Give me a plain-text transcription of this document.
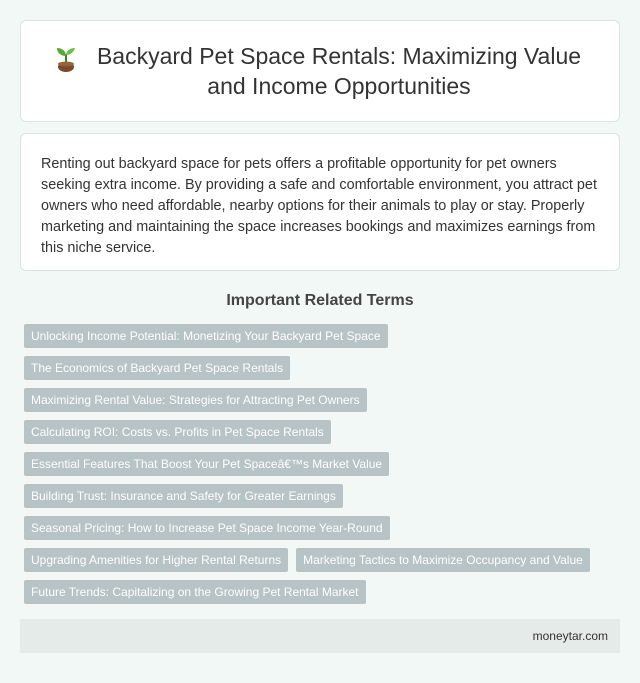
Backyard Pet Space Rentals: Maximizing Value and Income Opportunities

Renting out backyard space for pets offers a profitable opportunity for pet owners seeking extra income. By providing a safe and comfortable environment, you attract pet owners who need affordable, nearby options for their animals to play or stay. Properly marketing and maintaining the space increases bookings and maximizes earnings from this niche service.

Important Related Terms
Unlocking Income Potential: Monetizing Your Backyard Pet Space
The Economics of Backyard Pet Space Rentals
Maximizing Rental Value: Strategies for Attracting Pet Owners
Calculating ROI: Costs vs. Profits in Pet Space Rentals
Essential Features That Boost Your Pet Spaceâ€™s Market Value
Building Trust: Insurance and Safety for Greater Earnings
Seasonal Pricing: How to Increase Pet Space Income Year-Round
Upgrading Amenities for Higher Rental Returns	Marketing Tactics to Maximize Occupancy and Value
Future Trends: Capitalizing on the Growing Pet Rental Market
moneytar.com
